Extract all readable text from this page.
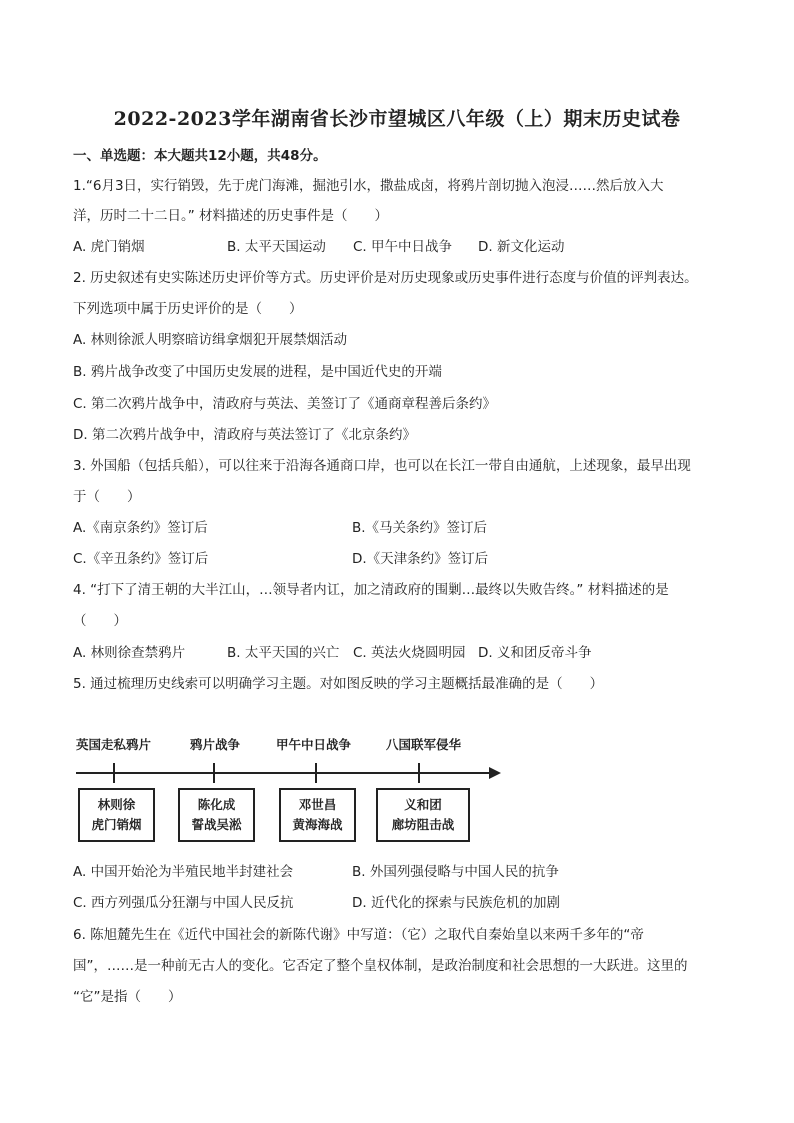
2022-2023学年湖南省长沙市望城区八年级（上）期末历史试卷
一、单选题：本大题共12小题，共48分。
1.“6月3日，实行销毁，先于虎门海滩，掘池引水，撒盐成卤，将鸦片剖切抛入泡浸……然后放入大
洋，历时二十二日。” 材料描述的历史事件是（　　）
A. 虎门销烟	B. 太平天国运动 C. 甲午中日战争 D. 新文化运动
2. 历史叙述有史实陈述历史评价等方式。历史评价是对历史现象或历史事件进行态度与价值的评判表达。
下列选项中属于历史评价的是（　　）
A. 林则徐派人明察暗访缉拿烟犯开展禁烟活动
B. 鸦片战争改变了中国历史发展的进程，是中国近代史的开端
C. 第二次鸦片战争中，清政府与英法、美签订了《通商章程善后条约》
D. 第二次鸦片战争中，清政府与英法签订了《北京条约》
3. 外国船（包括兵船），可以往来于沿海各通商口岸，也可以在长江一带自由通航，上述现象，最早出现
于（　　）
A.《南京条约》签订后	B.《马关条约》签订后
C.《辛丑条约》签订后	D.《天津条约》签订后
4. “打下了清王朝的大半江山，…领导者内讧，加之清政府的围剿…最终以失败告终。” 材料描述的是
（　　）
A. 林则徐查禁鸦片	B. 太平天国的兴亡 C. 英法火烧圆明园 D. 义和团反帝斗争
5. 通过梳理历史线索可以明确学习主题。对如图反映的学习主题概括最准确的是（　　）
英国走私鸦片	鸦片战争	甲午中日战争	八国联军侵华
林则徐
虎门销烟
陈化成
誓战吴淞
邓世昌
黄海海战
义和团
廊坊阻击战
A. 中国开始沦为半殖民地半封建社会	B. 外国列强侵略与中国人民的抗争
C. 西方列强瓜分狂潮与中国人民反抗	D. 近代化的探索与民族危机的加剧
6. 陈旭麓先生在《近代中国社会的新陈代谢》中写道：（它）之取代自秦始皇以来两千多年的“帝
国”，……是一种前无古人的变化。它否定了整个皇权体制，是政治制度和社会思想的一大跃进。这里的
“它”是指（　　）
